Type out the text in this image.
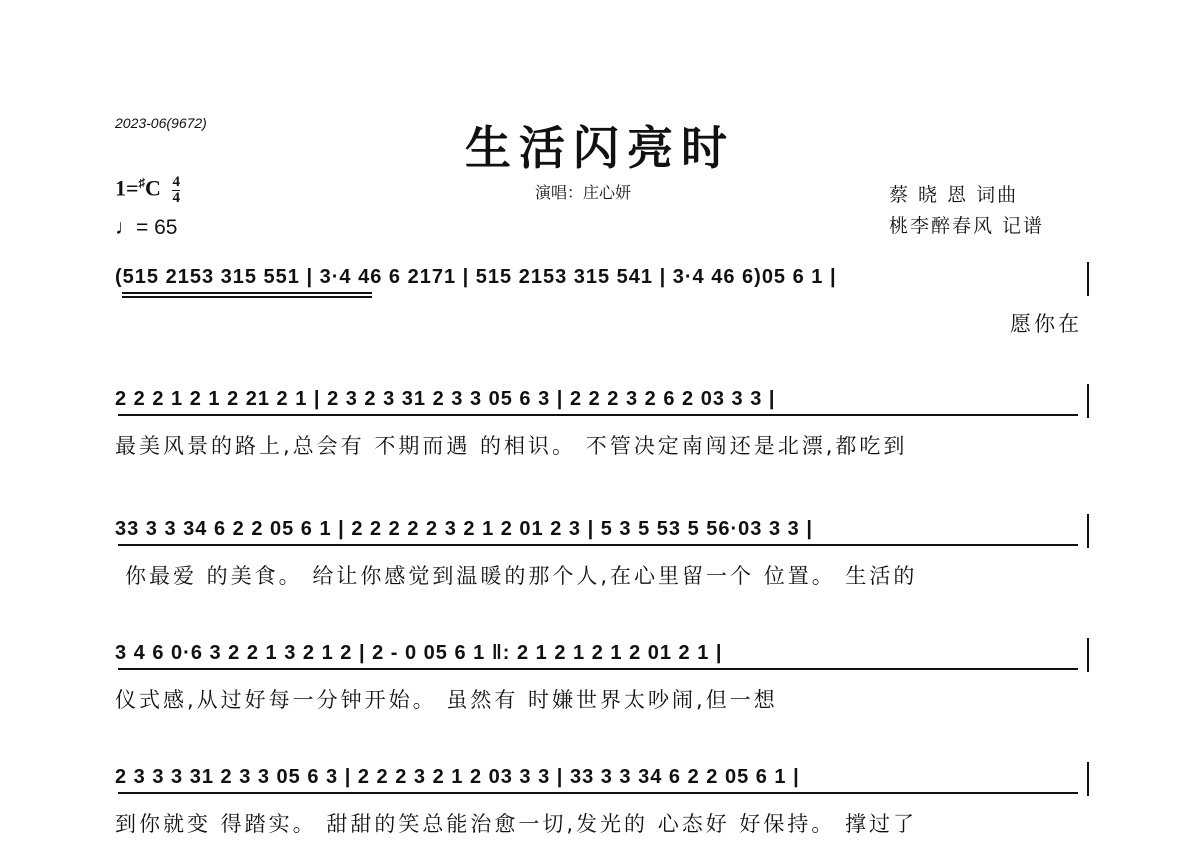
2023-06(9672)	生活闪亮时
$1=^♯C \frac{4}{4}$
♩= 65
演唱：庄心妍	蔡 晓 恩 词曲
桃李醉春风 记谱
(515 2153 315 551 | 3·4 46 6 2171 | 515 2153 315 541 | 3·4 46 6)05 6 1 |
愿你在
2 2 2 1 2 1 2 21 2 1 | 2 3 2 3 31 2 3 3 05 6 3 | 2 2 2 3 2 6 2 03 3 3 |
最美风景的路上,总会有 不期而遇 的相识。 不管决定南闯还是北漂,都吃到
33 3 3 34 6 2 2 05 6 1 | 2 2 2 2 2 3 2 1 2 01 2 3 | 5 3 5 53 5 56·03 3 3 |
你最爱 的美食。 给让你感觉到温暖的那个人,在心里留一个 位置。 生活的
3 4 6 0·6 3 2 2 1 3 2 1 2 | 2 - 0 05 6 1 ‖: 2 1 2 1 2 1 2 01 2 1 |
仪式感,从过好每一分钟开始。 虽然有 时嫌世界太吵闹,但一想
2 3 3 3 31 2 3 3 05 6 3 | 2 2 2 3 2 1 2 03 3 3 | 33 3 3 34 6 2 2 05 6 1 |
到你就变 得踏实。 甜甜的笑总能治愈一切,发光的 心态好 好保持。 撑过了
